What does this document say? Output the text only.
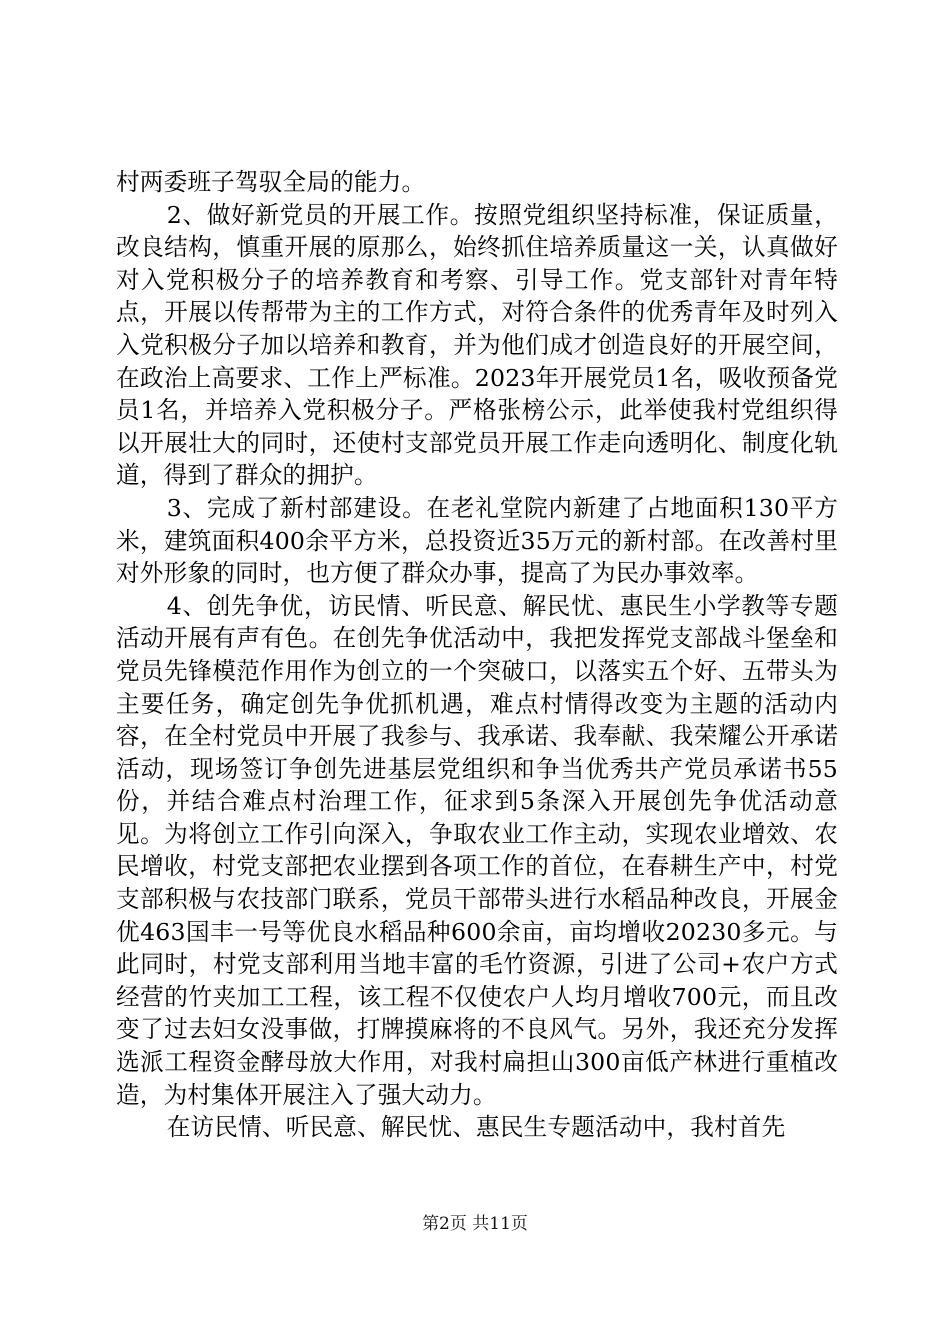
村两委班子驾驭全局的能力。

2、做好新党员的开展工作。按照党组织坚持标准，保证质量，改良结构，慎重开展的原那么，始终抓住培养质量这一关，认真做好对入党积极分子的培养教育和考察、引导工作。党支部针对青年特点，开展以传帮带为主的工作方式，对符合条件的优秀青年及时列入入党积极分子加以培养和教育，并为他们成才创造良好的开展空间，在政治上高要求、工作上严标准。2023年开展党员1名，吸收预备党员1名，并培养入党积极分子。严格张榜公示，此举使我村党组织得以开展壮大的同时，还使村支部党员开展工作走向透明化、制度化轨道，得到了群众的拥护。

3、完成了新村部建设。在老礼堂院内新建了占地面积130平方米，建筑面积400余平方米，总投资近35万元的新村部。在改善村里对外形象的同时，也方便了群众办事，提高了为民办事效率。

4、创先争优，访民情、听民意、解民忧、惠民生小学教等专题活动开展有声有色。在创先争优活动中，我把发挥党支部战斗堡垒和党员先锋模范作用作为创立的一个突破口，以落实五个好、五带头为主要任务，确定创先争优抓机遇，难点村情得改变为主题的活动内容，在全村党员中开展了我参与、我承诺、我奉献、我荣耀公开承诺活动，现场签订争创先进基层党组织和争当优秀共产党员承诺书55份，并结合难点村治理工作，征求到5条深入开展创先争优活动意见。为将创立工作引向深入，争取农业工作主动，实现农业增效、农民增收，村党支部把农业摆到各项工作的首位，在春耕生产中，村党支部积极与农技部门联系，党员干部带头进行水稻品种改良，开展金优463国丰一号等优良水稻品种600余亩，亩均增收20230多元。与此同时，村党支部利用当地丰富的毛竹资源，引进了公司+农户方式经营的竹夹加工工程，该工程不仅使农户人均月增收700元，而且改变了过去妇女没事做，打牌摸麻将的不良风气。另外，我还充分发挥选派工程资金酵母放大作用，对我村扁担山300亩低产林进行重植改造，为村集体开展注入了强大动力。

在访民情、听民意、解民忧、惠民生专题活动中，我村首先

第2页 共11页
